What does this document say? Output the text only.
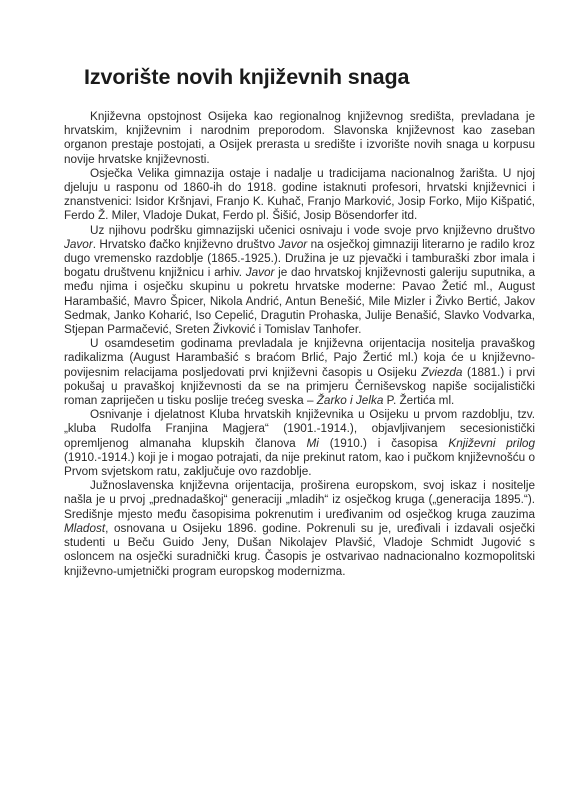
Izvorište novih književnih snaga

Književna opstojnost Osijeka kao regionalnog književnog središta, prevladana je hrvatskim, književnim i narodnim preporodom. Slavonska književnost kao zaseban organon prestaje postojati, a Osijek prerasta u središte i izvorište novih snaga u korpusu novije hrvatske književnosti.

Osječka Velika gimnazija ostaje i nadalje u tradicijama nacionalnog žarišta. U njoj djeluju u rasponu od 1860-ih do 1918. godine istaknuti profesori, hrvatski književnici i znanstvenici: Isidor Kršnjavi, Franjo K. Kuhač, Franjo Marković, Josip Forko, Mijo Kišpatić, Ferdo Ž. Miler, Vladoje Dukat, Ferdo pl. Šišić, Josip Bösendorfer itd.

Uz njihovu podršku gimnazijski učenici osnivaju i vode svoje prvo književno društvo Javor. Hrvatsko đačko književno društvo Javor na osječkoj gimnaziji literarno je radilo kroz dugo vremensko razdoblje (1865.-1925.). Družina je uz pjevački i tamburaški zbor imala i bogatu društvenu knjižnicu i arhiv. Javor je dao hrvatskoj književnosti galeriju suputnika, a među njima i osječku skupinu u pokretu hrvatske moderne: Pavao Žetić ml., August Harambašić, Mavro Špicer, Nikola Andrić, Antun Benešić, Mile Mizler i Živko Bertić, Jakov Sedmak, Janko Koharić, Iso Cepelić, Dragutin Prohaska, Julije Benašić, Slavko Vodvarka, Stjepan Parmačević, Sreten Živković i Tomislav Tanhofer.

U osamdesetim godinama prevladala je književna orijentacija nositelja pravaškog radikalizma (August Harambašić s braćom Brlić, Pajo Žertić ml.) koja će u književno-povijesnim relacijama posljedovati prvi književni časopis u Osijeku Zviezda (1881.) i prvi pokušaj u pravaškoj književnosti da se na primjeru Černiševskog napiše socijalistički roman zapriječen u tisku poslije trećeg sveska – Žarko i Jelka P. Žertića ml.

Osnivanje i djelatnost Kluba hrvatskih književnika u Osijeku u prvom razdoblju, tzv. „kluba Rudolfa Franjina Magjera“ (1901.-1914.), objavljivanjem secesionistički opremljenog almanaha klupskih članova Mi (1910.) i časopisa Književni prilog (1910.-1914.) koji je i mogao potrajati, da nije prekinut ratom, kao i pučkom književnošću o Prvom svjetskom ratu, zaključuje ovo razdoblje.

Južnoslavenska književna orijentacija, proširena europskom, svoj iskaz i nositelje našla je u prvoj „prednadaškoj“ generaciji „mladih“ iz osječkog kruga („generacija 1895.“). Središnje mjesto među časopisima pokrenutim i uređivanim od osječkog kruga zauzima Mladost, osnovana u Osijeku 1896. godine. Pokrenuli su je, uređivali i izdavali osječki studenti u Beču Guido Jeny, Dušan Nikolajev Plavšić, Vladoje Schmidt Jugović s osloncem na osječki suradnički krug. Časopis je ostvarivao nadnacionalno kozmopolitski književno-umjetnički program europskog modernizma.
